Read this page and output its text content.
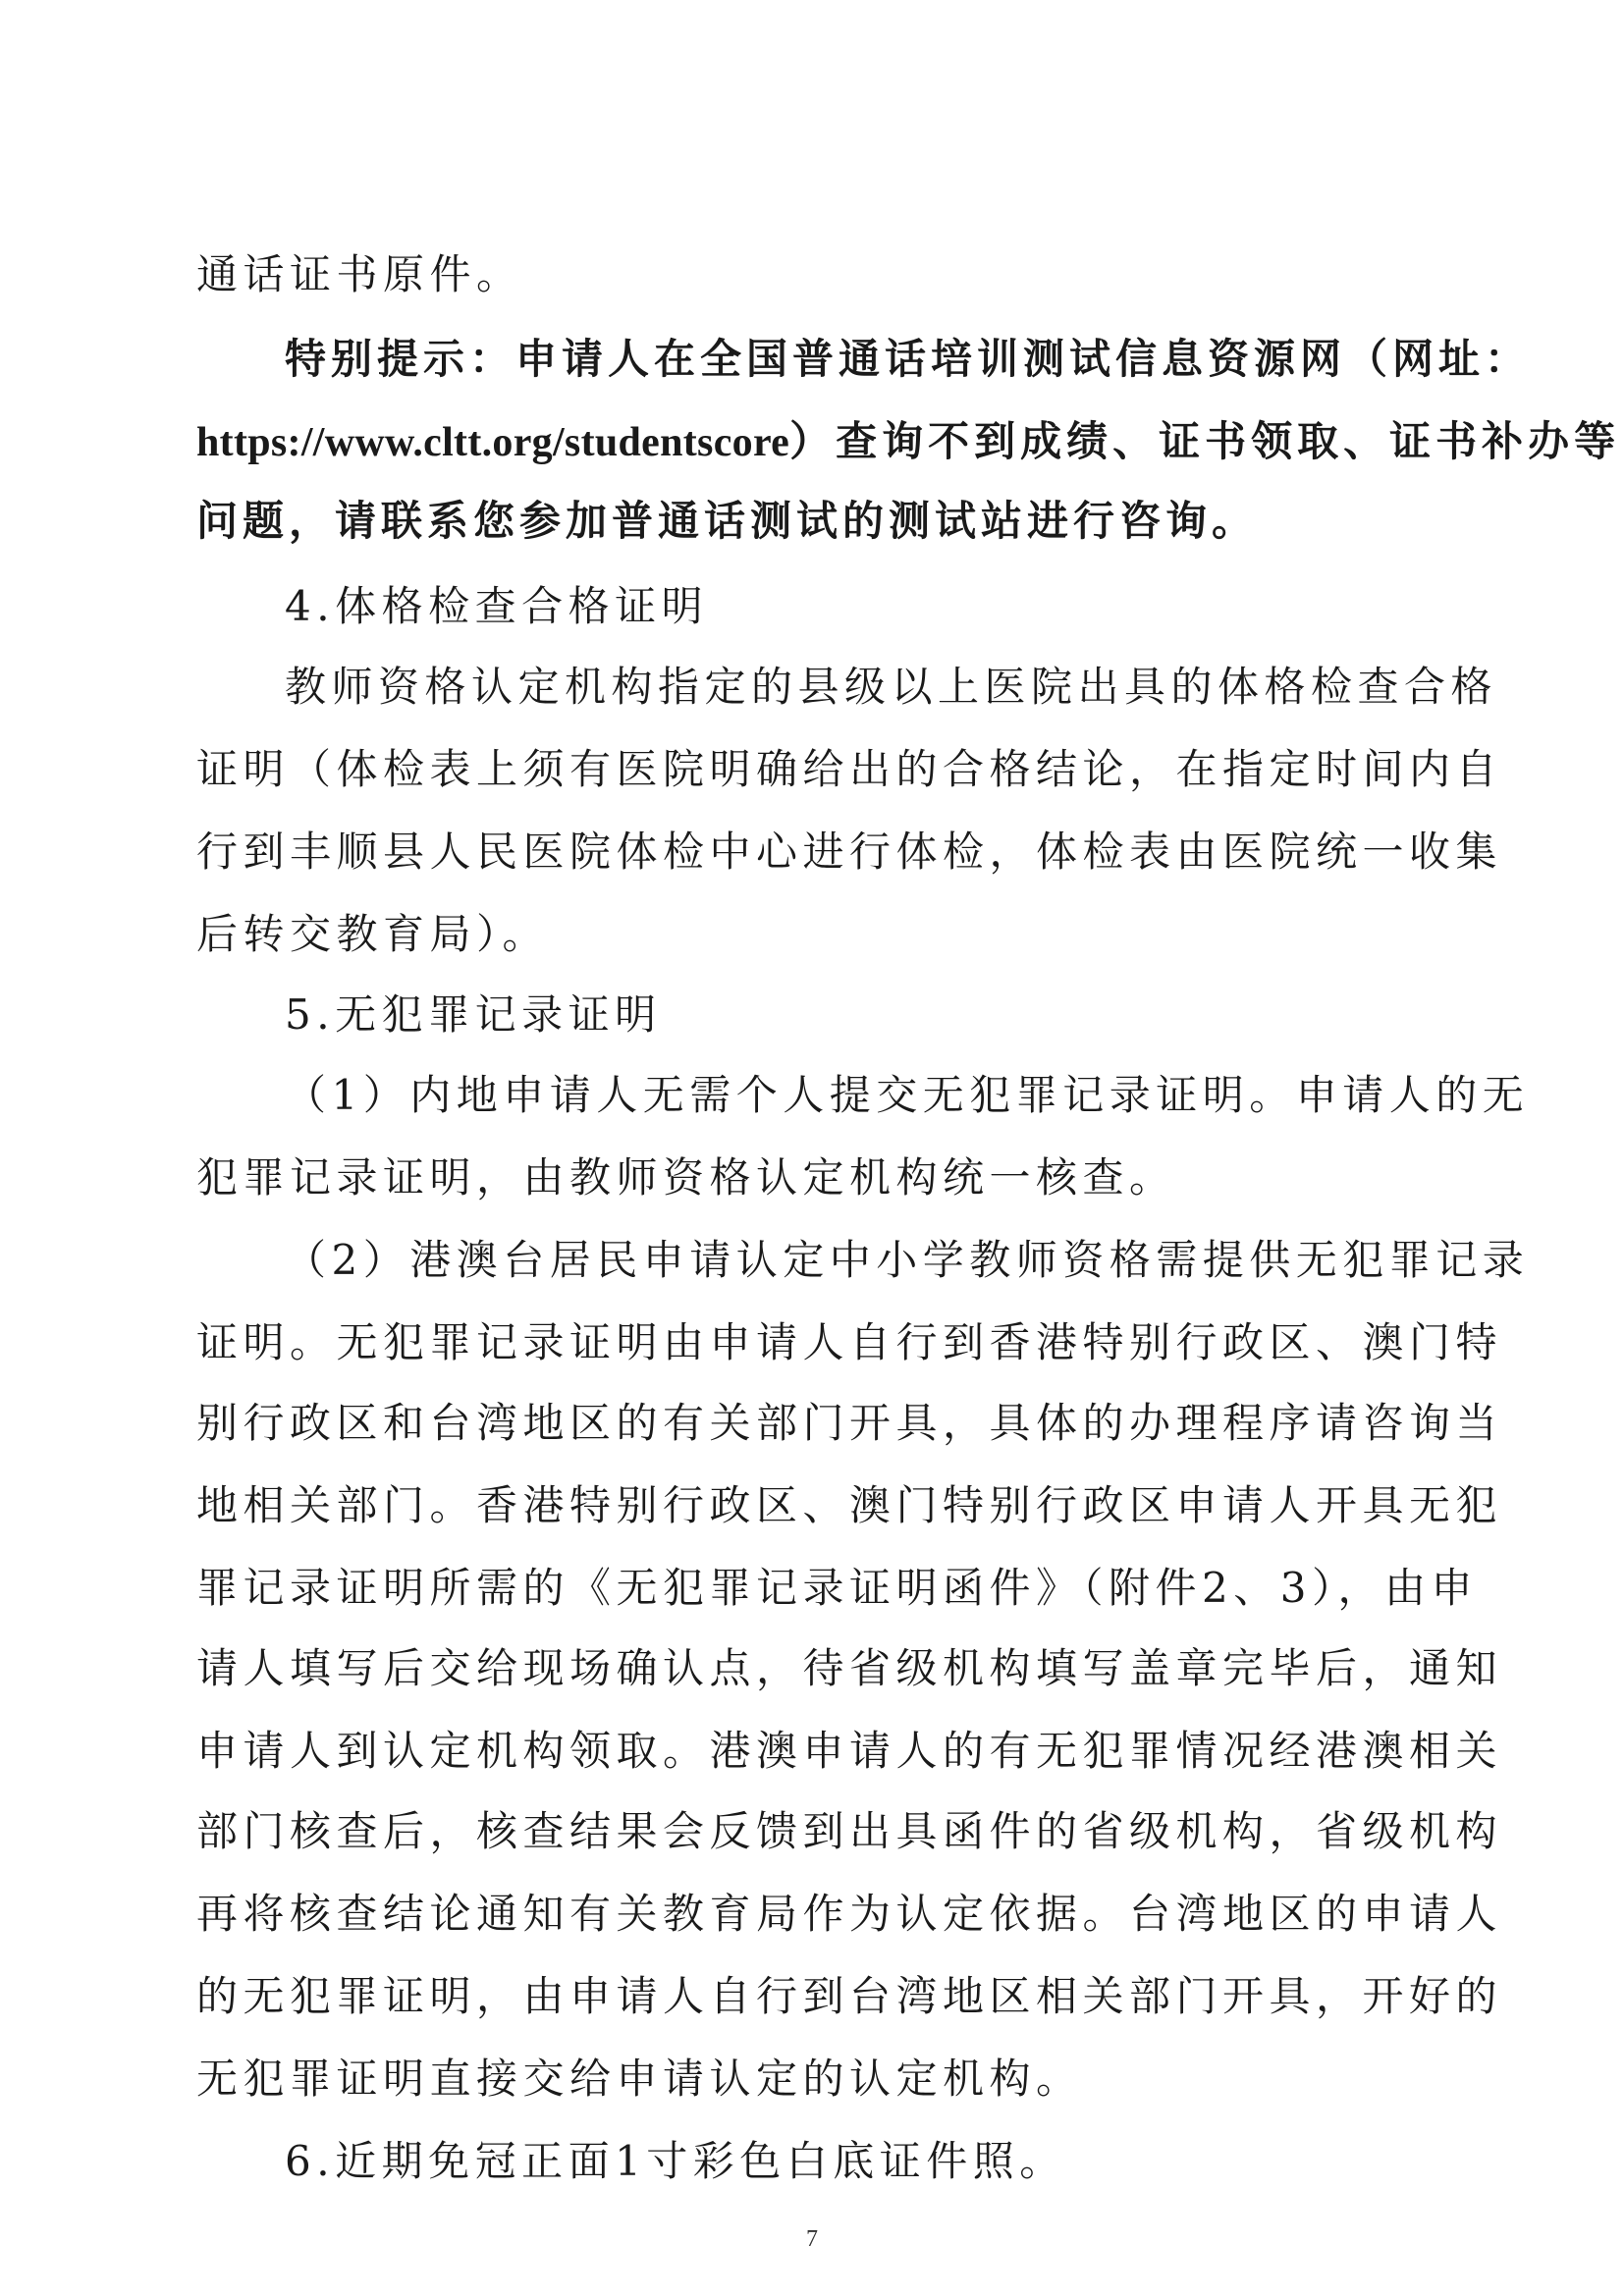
通话证书原件。
特别提示：申请人在全国普通话培训测试信息资源网（网址：
https://www.cltt.org/studentscore）查询不到成绩、证书领取、证书补办等
问题，请联系您参加普通话测试的测试站进行咨询。
4.体格检查合格证明
教师资格认定机构指定的县级以上医院出具的体格检查合格
证明（体检表上须有医院明确给出的合格结论，在指定时间内自
行到丰顺县人民医院体检中心进行体检，体检表由医院统一收集
后转交教育局）。
5.无犯罪记录证明
（1）内地申请人无需个人提交无犯罪记录证明。申请人的无
犯罪记录证明，由教师资格认定机构统一核查。
（2）港澳台居民申请认定中小学教师资格需提供无犯罪记录
证明。无犯罪记录证明由申请人自行到香港特别行政区、澳门特
别行政区和台湾地区的有关部门开具，具体的办理程序请咨询当
地相关部门。香港特别行政区、澳门特别行政区申请人开具无犯
罪记录证明所需的《无犯罪记录证明函件》（附件2、3），由申
请人填写后交给现场确认点，待省级机构填写盖章完毕后，通知
申请人到认定机构领取。港澳申请人的有无犯罪情况经港澳相关
部门核查后，核查结果会反馈到出具函件的省级机构，省级机构
再将核查结论通知有关教育局作为认定依据。台湾地区的申请人
的无犯罪证明，由申请人自行到台湾地区相关部门开具，开好的
无犯罪证明直接交给申请认定的认定机构。
6.近期免冠正面1寸彩色白底证件照。
7
